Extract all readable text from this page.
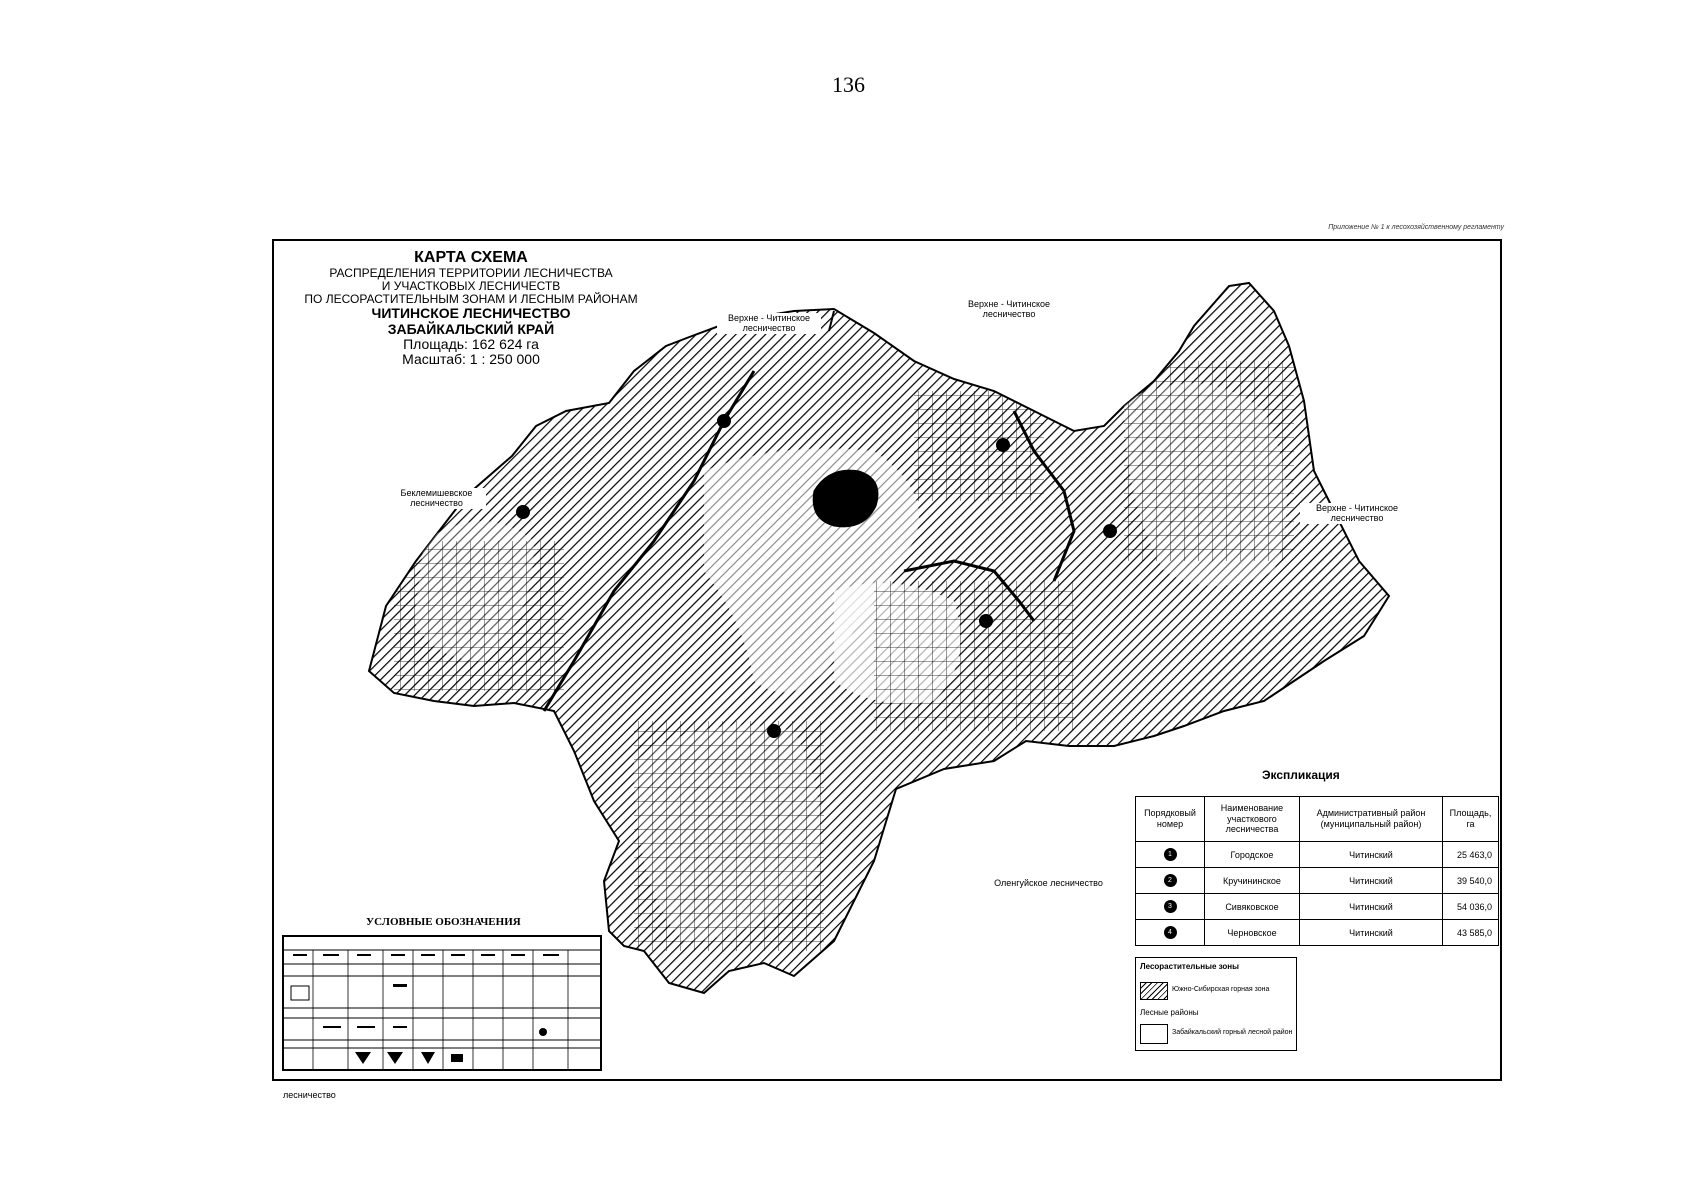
136
Приложение № 1 к лесохозяйственному регламенту
КАРТА СХЕМА
РАСПРЕДЕЛЕНИЯ ТЕРРИТОРИИ ЛЕСНИЧЕСТВА
И УЧАСТКОВЫХ ЛЕСНИЧЕСТВ
ПО ЛЕСОРАСТИТЕЛЬНЫМ ЗОНАМ И ЛЕСНЫМ РАЙОНАМ
ЧИТИНСКОЕ ЛЕСНИЧЕСТВО
ЗАБАЙКАЛЬСКИЙ КРАЙ
Площадь: 162 624 га
Масштаб: 1 : 250 000
Верхне - Читинское лесничество
Верхне - Читинское лесничество
Беклемишевское лесничество	Верхне - Читинское лесничество
Оленгуйское лесничество
УСЛОВНЫЕ ОБОЗНАЧЕНИЯ
Экспликация
Порядковый номер	Наименование участкового лесничества	Административный район (муниципальный район)	Площадь, га
1	Городское	Читинский	25 463,0
2	Кручининское	Читинский	39 540,0
3	Сивяковское	Читинский	54 036,0
4	Черновское	Читинский	43 585,0
Лесорастительные зоны
Южно-Сибирская горная зона
Лесные районы
Забайкальский горный лесной район
лесничество
